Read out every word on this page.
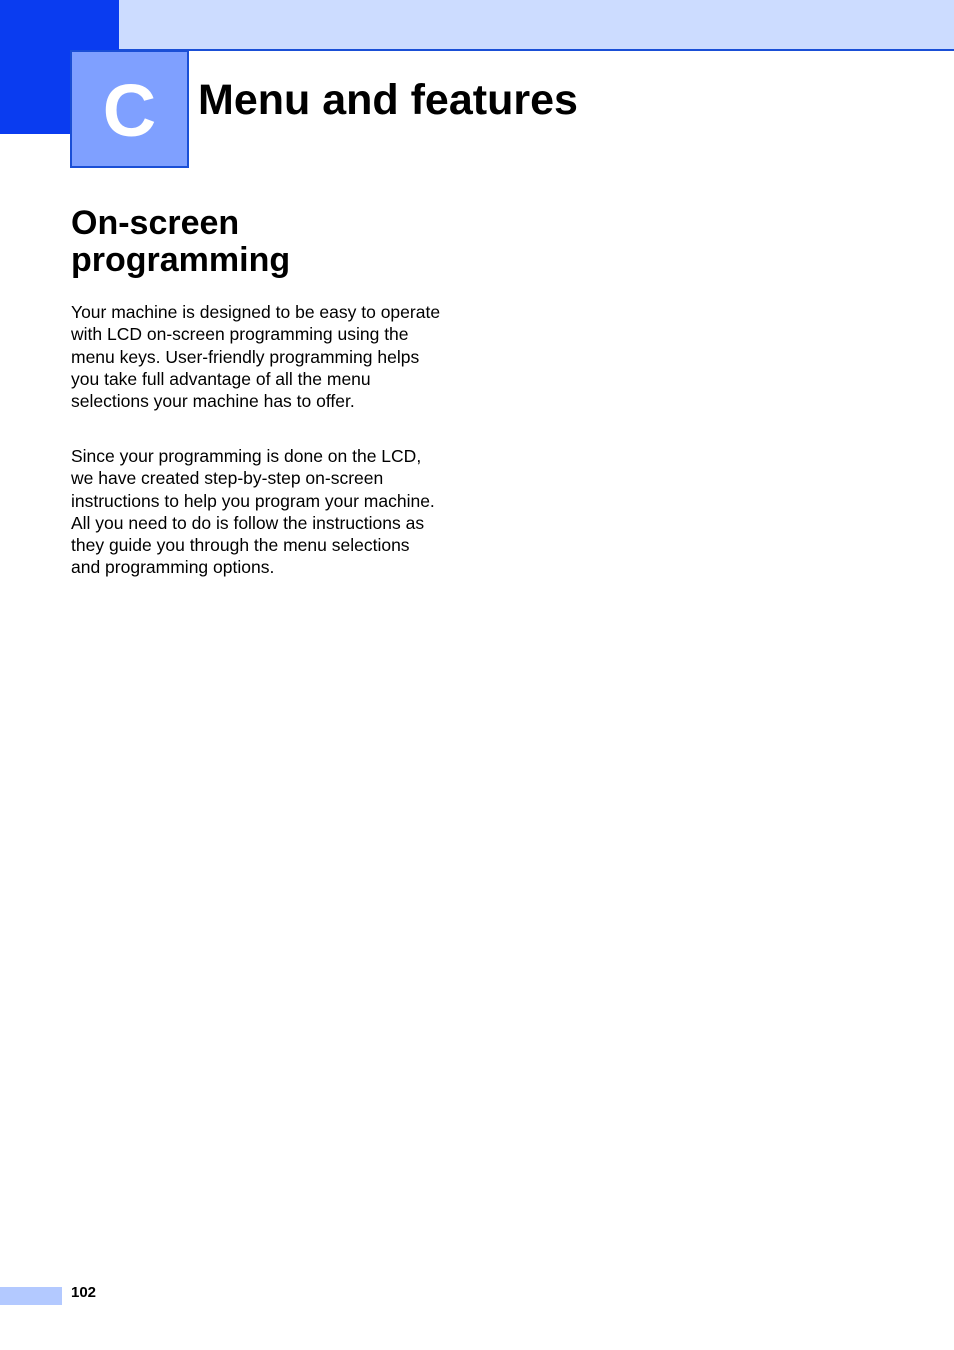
C Menu and features
On-screen
programming

Your machine is designed to be easy to operate with LCD on-screen programming using the menu keys. User-friendly programming helps you take full advantage of all the menu selections your machine has to offer.

Since your programming is done on the LCD, we have created step-by-step on-screen instructions to help you program your machine. All you need to do is follow the instructions as they guide you through the menu selections and programming options.

102
